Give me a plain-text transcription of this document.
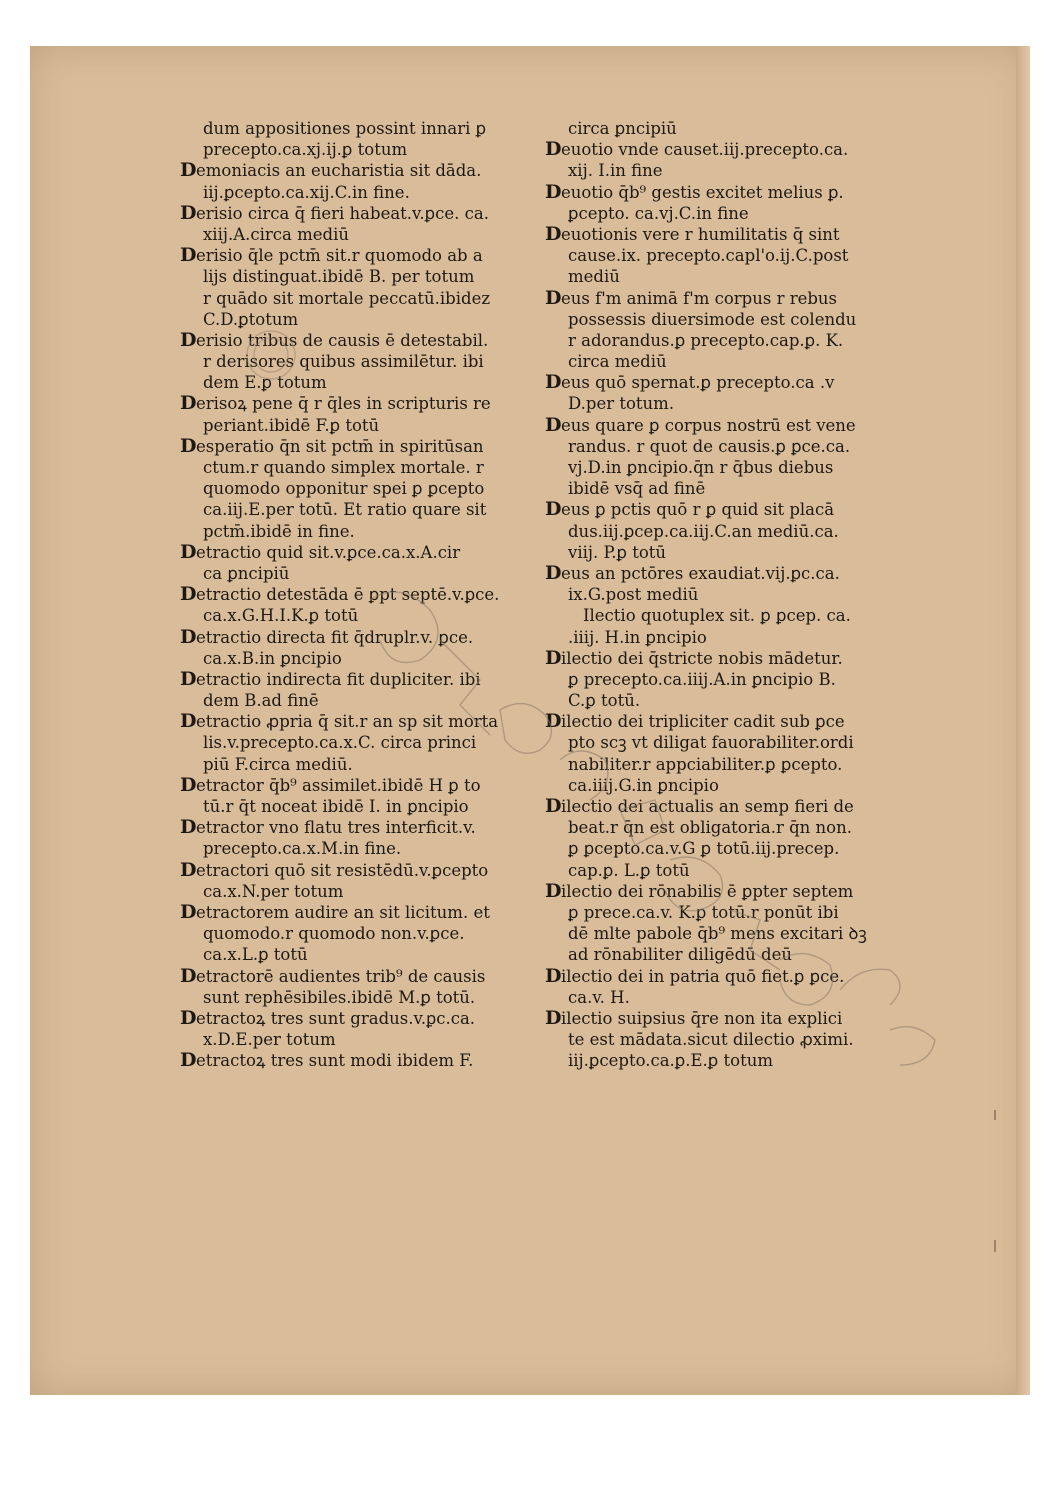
dum appositiones possint innari ꝑ
precepto.ca.xj.ij.ꝑ totum
Demoniacis an eucharistia sit dāda.
iij.ꝑcepto.ca.xij.C.in fine.
Derisio circa q̄ fieri habeat.v.ꝑce. ca.
xiij.A.circa mediū
Derisio q̄le pctm̄ sit.r quomodo ab a
lijs distinguat.ibidē B. per totum
r quādo sit mortale peccatū.ibidez
C.D.ꝑtotum
Derisio tribus de causis ē detestabil.
r derisores quibus assimilētur. ibi
dem E.ꝑ totum
Derisoꝝ pene q̄ r q̄les in scripturis re
periant.ibidē F.ꝑ totū
Desperatio q̄n sit pctm̄ in spiritūsan
ctum.r quando simplex mortale. r
quomodo opponitur spei ꝑ ꝑcepto
ca.iij.E.per totū. Et ratio quare sit
pctm̄.ibidē in fine.
Detractio quid sit.v.ꝑce.ca.x.A.cir
ca ꝑncipiū
Detractio detestāda ē ꝑpt septē.v.ꝑce.
ca.x.G.H.I.K.ꝑ totū
Detractio directa fit q̄druplr.v. ꝑce.
ca.x.B.in ꝑncipio
Detractio indirecta fit dupliciter. ibi
dem B.ad finē
Detractio ꝓpria q̄ sit.r an sp sit morta
lis.v.precepto.ca.x.C. circa princi
piū F.circa mediū.
Detractor q̄b⁹ assimilet.ibidē H ꝑ to
tū.r q̄t noceat ibidē I. in ꝑncipio
Detractor vno flatu tres interficit.v.
precepto.ca.x.M.in fine.
Detractori quō sit resistēdū.v.ꝑcepto
ca.x.N.per totum
Detractorem audire an sit licitum. et
quomodo.r quomodo non.v.ꝑce.
ca.x.L.ꝑ totū
Detractorē audientes trib⁹ de causis
sunt rephēsibiles.ibidē M.ꝑ totū.
Detractoꝝ tres sunt gradus.v.ꝑc.ca.
x.D.E.per totum
Detractoꝝ tres sunt modi ibidem F.
circa ꝑncipiū
Deuotio vnde causet.iij.precepto.ca.
xij. I.in fine
Deuotio q̄b⁹ gestis excitet melius ꝑ.
ꝑcepto. ca.vj.C.in fine
Deuotionis vere r humilitatis q̄ sint
cause.ix. precepto.capl'o.ij.C.post
mediū
Deus f'm animā f'm corpus r rebus
possessis diuersimode est colendu
r adorandus.ꝑ precepto.cap.ꝑ. K.
circa mediū
Deus quō spernat.ꝑ precepto.ca .v
D.per totum.
Deus quare ꝑ corpus nostrū est vene
randus. r quot de causis.ꝑ ꝑce.ca.
vj.D.in ꝑncipio.q̄n r q̄bus diebus
ibidē vsq̄ ad finē
Deus ꝑ pctis quō r ꝑ quid sit placā
dus.iij.ꝑcep.ca.iij.C.an mediū.ca.
viij. P.ꝑ totū
Deus an pctōres exaudiat.vij.ꝑc.ca.
ix.G.post mediū
Ilectio quotuplex sit. ꝑ ꝑcep. ca.
.iiij. H.in ꝑncipio
Dilectio dei q̄stricte nobis mādetur.
ꝑ precepto.ca.iiij.A.in ꝑncipio B.
C.ꝑ totū.
Dilectio dei tripliciter cadit sub ꝑce
pto scꝫ vt diligat fauorabiliter.ordi
nabiliter.r appciabiliter.ꝑ ꝑcepto.
ca.iiij.G.in ꝑncipio
Dilectio dei actualis an semp fieri de
beat.r q̄n est obligatoria.r q̄n non.
ꝑ ꝑcepto.ca.v.G ꝑ totū.iij.precep.
cap.ꝑ. L.ꝑ totū
Dilectio dei rōnabilis ē ꝑpter septem
ꝑ prece.ca.v. K.ꝑ totū.r ponūt ibi
dē mlte pabole q̄b⁹ mens excitari ꝺꝫ
ad rōnabiliter diligēdū deū
Dilectio dei in patria quō fiet.ꝑ ꝑce.
ca.v. H.
Dilectio suipsius q̄re non ita explici
te est mādata.sicut dilectio ꝓximi.
iij.ꝑcepto.ca.ꝑ.E.ꝑ totum
